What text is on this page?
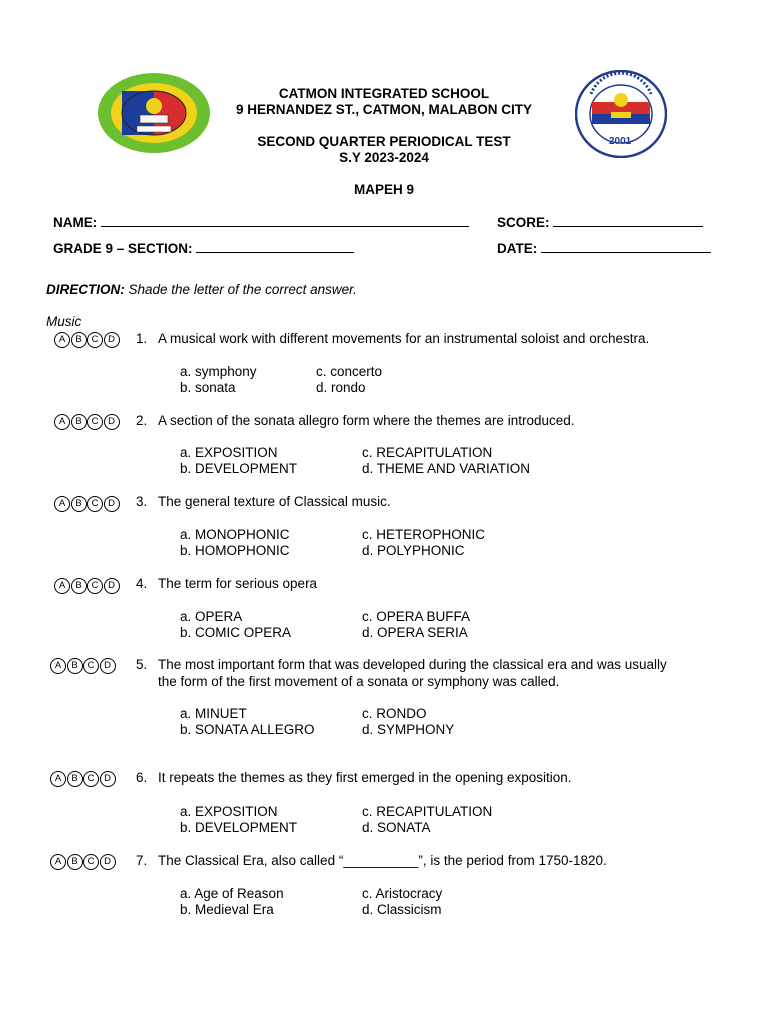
2001
CATMON INTEGRATED SCHOOL
9 HERNANDEZ ST., CATMON, MALABON CITY
SECOND QUARTER PERIODICAL TEST
S.Y 2023-2024
MAPEH 9
NAME:	SCORE:
GRADE 9 – SECTION:	DATE:
DIRECTION: Shade the letter of the correct answer.
Music
A B C D	1. A musical work with different movements for an instrumental soloist and orchestra.
a. symphony	c. concerto
b. sonata	d. rondo
A B C D	2. A section of the sonata allegro form where the themes are introduced.
a. EXPOSITION	c. RECAPITULATION
b. DEVELOPMENT	d. THEME AND VARIATION
A B C D	3. The general texture of Classical music.
a. MONOPHONIC	c. HETEROPHONIC
b. HOMOPHONIC	d. POLYPHONIC
A B C D	4. The term for serious opera
a. OPERA	c. OPERA BUFFA
b. COMIC OPERA	d. OPERA SERIA
A B C D	5. The most important form that was developed during the classical era and was usually
the form of the first movement of a sonata or symphony was called.
a. MINUET	c. RONDO
b. SONATA ALLEGRO	d. SYMPHONY
A B C D	6. It repeats the themes as they first emerged in the opening exposition.
a. EXPOSITION	c. RECAPITULATION
b. DEVELOPMENT	d. SONATA
A B C D	7. The Classical Era, also called “__________”, is the period from 1750-1820.
a. Age of Reason	c. Aristocracy
b. Medieval Era	d. Classicism
